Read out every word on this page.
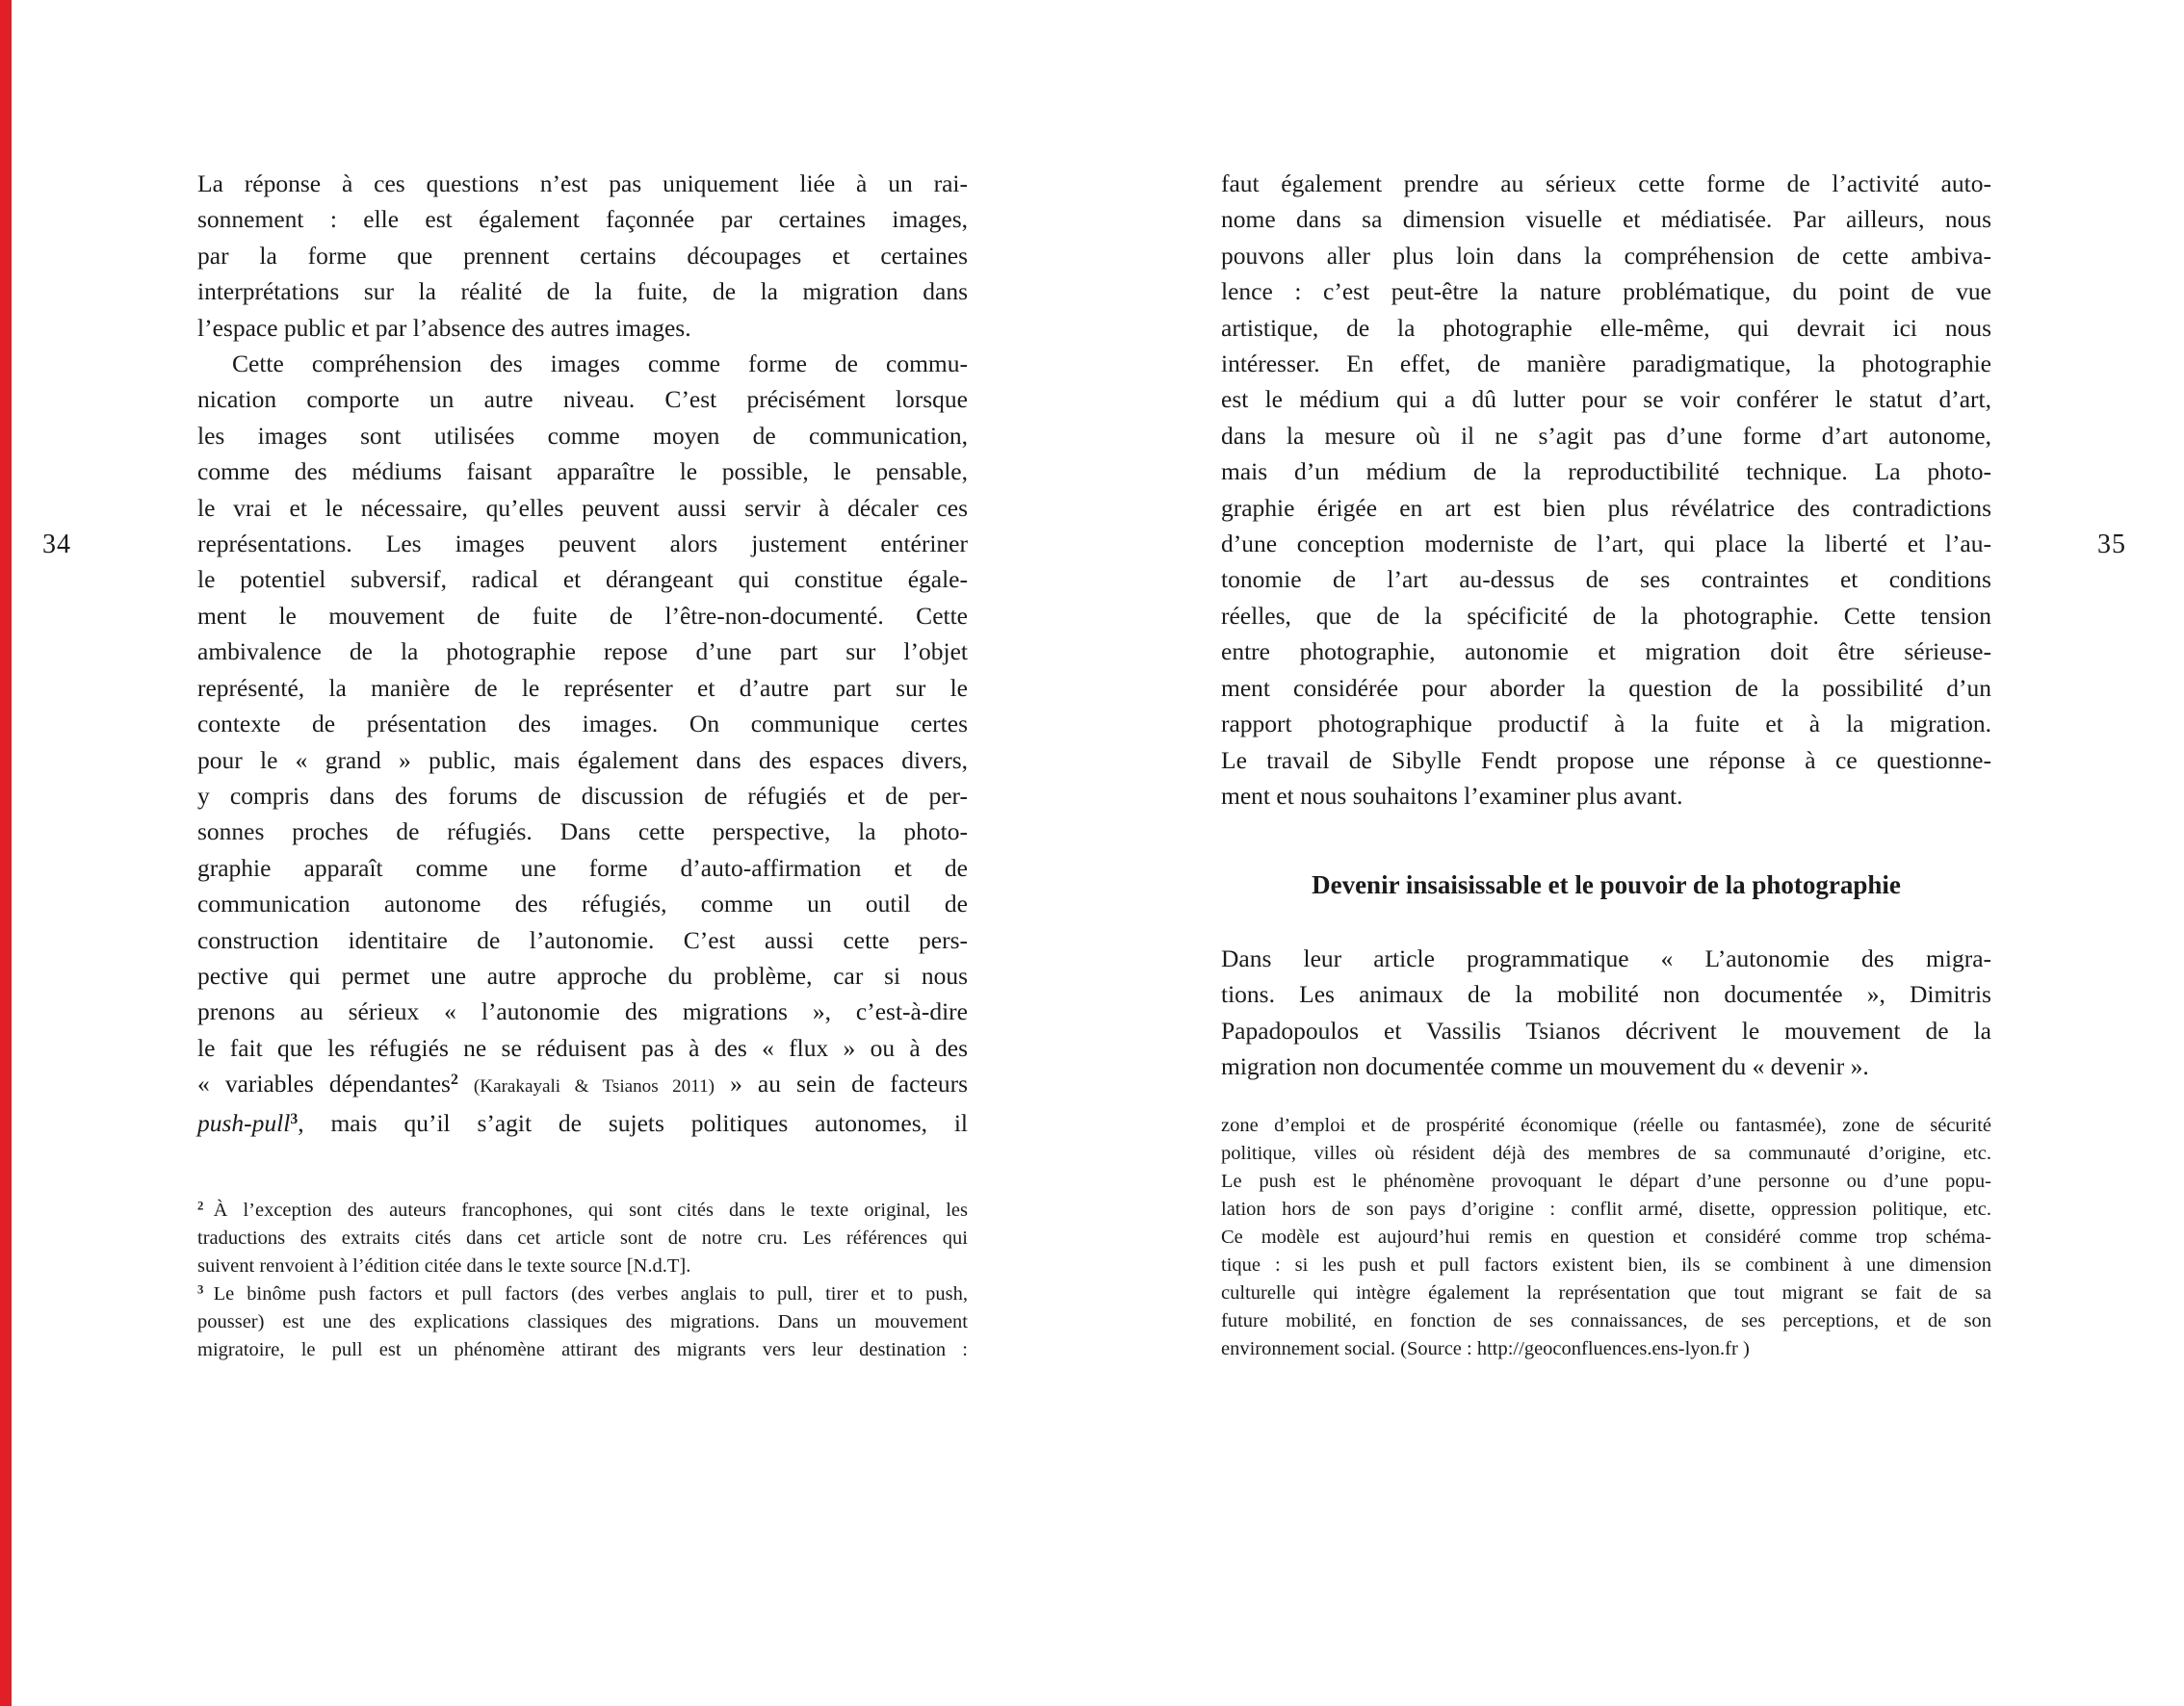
34	35
La réponse à ces questions n’est pas uniquement liée à un rai-
sonnement : elle est également façonnée par certaines images,
par la forme que prennent certains découpages et certaines
interprétations sur la réalité de la fuite, de la migration dans
l’espace public et par l’absence des autres images.
Cette compréhension des images comme forme de commu-
nication comporte un autre niveau. C’est précisément lorsque
les images sont utilisées comme moyen de communication,
comme des médiums faisant apparaître le possible, le pensable,
le vrai et le nécessaire, qu’elles peuvent aussi servir à décaler ces
représentations. Les images peuvent alors justement entériner
le potentiel subversif, radical et dérangeant qui constitue égale-
ment le mouvement de fuite de l’être-non-documenté. Cette
ambivalence de la photographie repose d’une part sur l’objet
représenté, la manière de le représenter et d’autre part sur le
contexte de présentation des images. On communique certes
pour le « grand » public, mais également dans des espaces divers,
y compris dans des forums de discussion de réfugiés et de per-
sonnes proches de réfugiés. Dans cette perspective, la photo-
graphie apparaît comme une forme d’auto-affirmation et de
communication autonome des réfugiés, comme un outil de
construction identitaire de l’autonomie. C’est aussi cette pers-
pective qui permet une autre approche du problème, car si nous
prenons au sérieux « l’autonomie des migrations », c’est-à-dire
le fait que les réfugiés ne se réduisent pas à des « flux » ou à des
« variables dépendantes$^2$ (Karakayali & Tsianos 2011) » au sein de facteurs
push-pull$^3$, mais qu’il s’agit de sujets politiques autonomes, il
$^2$ À l’exception des auteurs francophones, qui sont cités dans le texte original, les
traductions des extraits cités dans cet article sont de notre cru. Les références qui
suivent renvoient à l’édition citée dans le texte source [N.d.T].
$^3$ Le binôme push factors et pull factors (des verbes anglais to pull, tirer et to push,
pousser) est une des explications classiques des migrations. Dans un mouvement
migratoire, le pull est un phénomène attirant des migrants vers leur destination :
faut également prendre au sérieux cette forme de l’activité auto-
nome dans sa dimension visuelle et médiatisée. Par ailleurs, nous
pouvons aller plus loin dans la compréhension de cette ambiva-
lence : c’est peut-être la nature problématique, du point de vue
artistique, de la photographie elle-même, qui devrait ici nous
intéresser. En effet, de manière paradigmatique, la photographie
est le médium qui a dû lutter pour se voir conférer le statut d’art,
dans la mesure où il ne s’agit pas d’une forme d’art autonome,
mais d’un médium de la reproductibilité technique. La photo-
graphie érigée en art est bien plus révélatrice des contradictions
d’une conception moderniste de l’art, qui place la liberté et l’au-
tonomie de l’art au-dessus de ses contraintes et conditions
réelles, que de la spécificité de la photographie. Cette tension
entre photographie, autonomie et migration doit être sérieuse-
ment considérée pour aborder la question de la possibilité d’un
rapport photographique productif à la fuite et à la migration.
Le travail de Sibylle Fendt propose une réponse à ce questionne-
ment et nous souhaitons l’examiner plus avant.
Devenir insaisissable et le pouvoir de la photographie
Dans leur article programmatique « L’autonomie des migra-
tions. Les animaux de la mobilité non documentée », Dimitris
Papadopoulos et Vassilis Tsianos décrivent le mouvement de la
migration non documentée comme un mouvement du « devenir ».
zone d’emploi et de prospérité économique (réelle ou fantasmée), zone de sécurité
politique, villes où résident déjà des membres de sa communauté d’origine, etc.
Le push est le phénomène provoquant le départ d’une personne ou d’une popu-
lation hors de son pays d’origine : conflit armé, disette, oppression politique, etc.
Ce modèle est aujourd’hui remis en question et considéré comme trop schéma-
tique : si les push et pull factors existent bien, ils se combinent à une dimension
culturelle qui intègre également la représentation que tout migrant se fait de sa
future mobilité, en fonction de ses connaissances, de ses perceptions, et de son
environnement social. (Source : http://geoconfluences.ens-lyon.fr )
